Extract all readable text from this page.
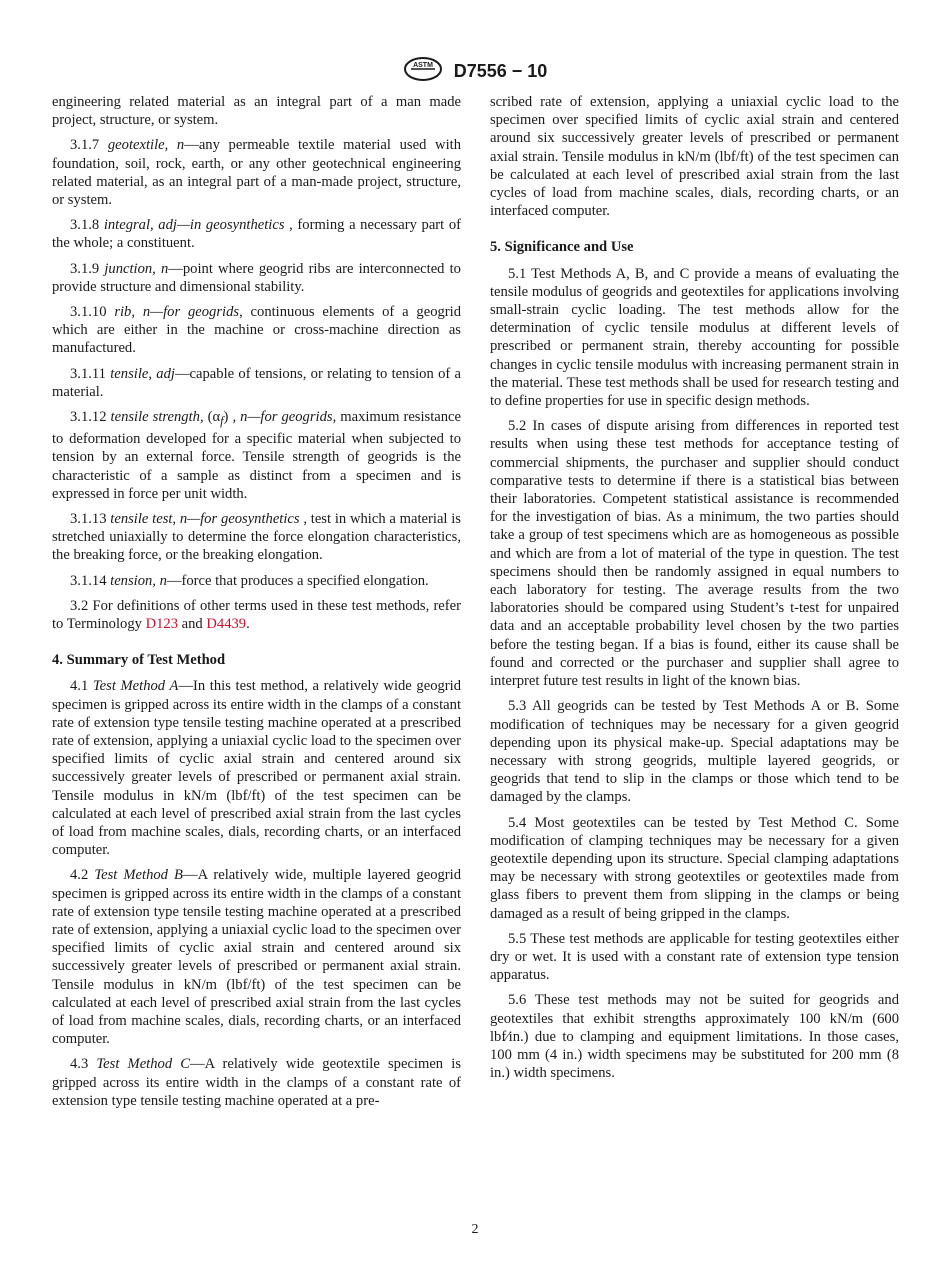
ASTM D7556 − 10

engineering related material as an integral part of a man made project, structure, or system.

3.1.7 geotextile, n—any permeable textile material used with foundation, soil, rock, earth, or any other geotechnical engineering related material, as an integral part of a man-made project, structure, or system.

3.1.8 integral, adj—in geosynthetics , forming a necessary part of the whole; a constituent.

3.1.9 junction, n—point where geogrid ribs are interconnected to provide structure and dimensional stability.

3.1.10 rib, n—for geogrids, continuous elements of a geogrid which are either in the machine or cross-machine direction as manufactured.

3.1.11 tensile, adj—capable of tensions, or relating to tension of a material.

3.1.12 tensile strength, $(\alpha_f)$ , n—for geogrids, maximum resistance to deformation developed for a specific material when subjected to tension by an external force. Tensile strength of geogrids is the characteristic of a sample as distinct from a specimen and is expressed in force per unit width.

3.1.13 tensile test, n—for geosynthetics , test in which a material is stretched uniaxially to determine the force elongation characteristics, the breaking force, or the breaking elongation.

3.1.14 tension, n—force that produces a specified elongation.

3.2 For definitions of other terms used in these test methods, refer to Terminology D123 and D4439.

4. Summary of Test Method

4.1 Test Method A—In this test method, a relatively wide geogrid specimen is gripped across its entire width in the clamps of a constant rate of extension type tensile testing machine operated at a prescribed rate of extension, applying a uniaxial cyclic load to the specimen over specified limits of cyclic axial strain and centered around six successively greater levels of prescribed or permanent axial strain. Tensile modulus in kN/m (lbf/ft) of the test specimen can be calculated at each level of prescribed axial strain from the last cycles of load from machine scales, dials, recording charts, or an interfaced computer.

4.2 Test Method B—A relatively wide, multiple layered geogrid specimen is gripped across its entire width in the clamps of a constant rate of extension type tensile testing machine operated at a prescribed rate of extension, applying a uniaxial cyclic load to the specimen over specified limits of cyclic axial strain and centered around six successively greater levels of prescribed or permanent axial strain. Tensile modulus in kN/m (lbf/ft) of the test specimen can be calculated at each level of prescribed axial strain from the last cycles of load from machine scales, dials, recording charts, or an interfaced computer.

4.3 Test Method C—A relatively wide geotextile specimen is gripped across its entire width in the clamps of a constant rate of extension type tensile testing machine operated at a pre-

scribed rate of extension, applying a uniaxial cyclic load to the specimen over specified limits of cyclic axial strain and centered around six successively greater levels of prescribed or permanent axial strain. Tensile modulus in kN/m (lbf/ft) of the test specimen can be calculated at each level of prescribed axial strain from the last cycles of load from machine scales, dials, recording charts, or an interfaced computer.

5. Significance and Use

5.1 Test Methods A, B, and C provide a means of evaluating the tensile modulus of geogrids and geotextiles for applications involving small-strain cyclic loading. The test methods allow for the determination of cyclic tensile modulus at different levels of prescribed or permanent strain, thereby accounting for possible changes in cyclic tensile modulus with increasing permanent strain in the material. These test methods shall be used for research testing and to define properties for use in specific design methods.

5.2 In cases of dispute arising from differences in reported test results when using these test methods for acceptance testing of commercial shipments, the purchaser and supplier should conduct comparative tests to determine if there is a statistical bias between their laboratories. Competent statistical assistance is recommended for the investigation of bias. As a minimum, the two parties should take a group of test specimens which are as homogeneous as possible and which are from a lot of material of the type in question. The test specimens should then be randomly assigned in equal numbers to each laboratory for testing. The average results from the two laboratories should be compared using Student’s t-test for unpaired data and an acceptable probability level chosen by the two parties before the testing began. If a bias is found, either its cause shall be found and corrected or the purchaser and supplier shall agree to interpret future test results in light of the known bias.

5.3 All geogrids can be tested by Test Methods A or B. Some modification of techniques may be necessary for a given geogrid depending upon its physical make-up. Special adaptations may be necessary with strong geogrids, multiple layered geogrids, or geogrids that tend to slip in the clamps or those which tend to be damaged by the clamps.

5.4 Most geotextiles can be tested by Test Method C. Some modification of clamping techniques may be necessary for a given geotextile depending upon its structure. Special clamping adaptations may be necessary with strong geotextiles or geotextiles made from glass fibers to prevent them from slipping in the clamps or being damaged as a result of being gripped in the clamps.

5.5 These test methods are applicable for testing geotextiles either dry or wet. It is used with a constant rate of extension type tension apparatus.

5.6 These test methods may not be suited for geogrids and geotextiles that exhibit strengths approximately 100 kN/m (600 lbf⁄in.) due to clamping and equipment limitations. In those cases, 100 mm (4 in.) width specimens may be substituted for 200 mm (8 in.) width specimens.

2
